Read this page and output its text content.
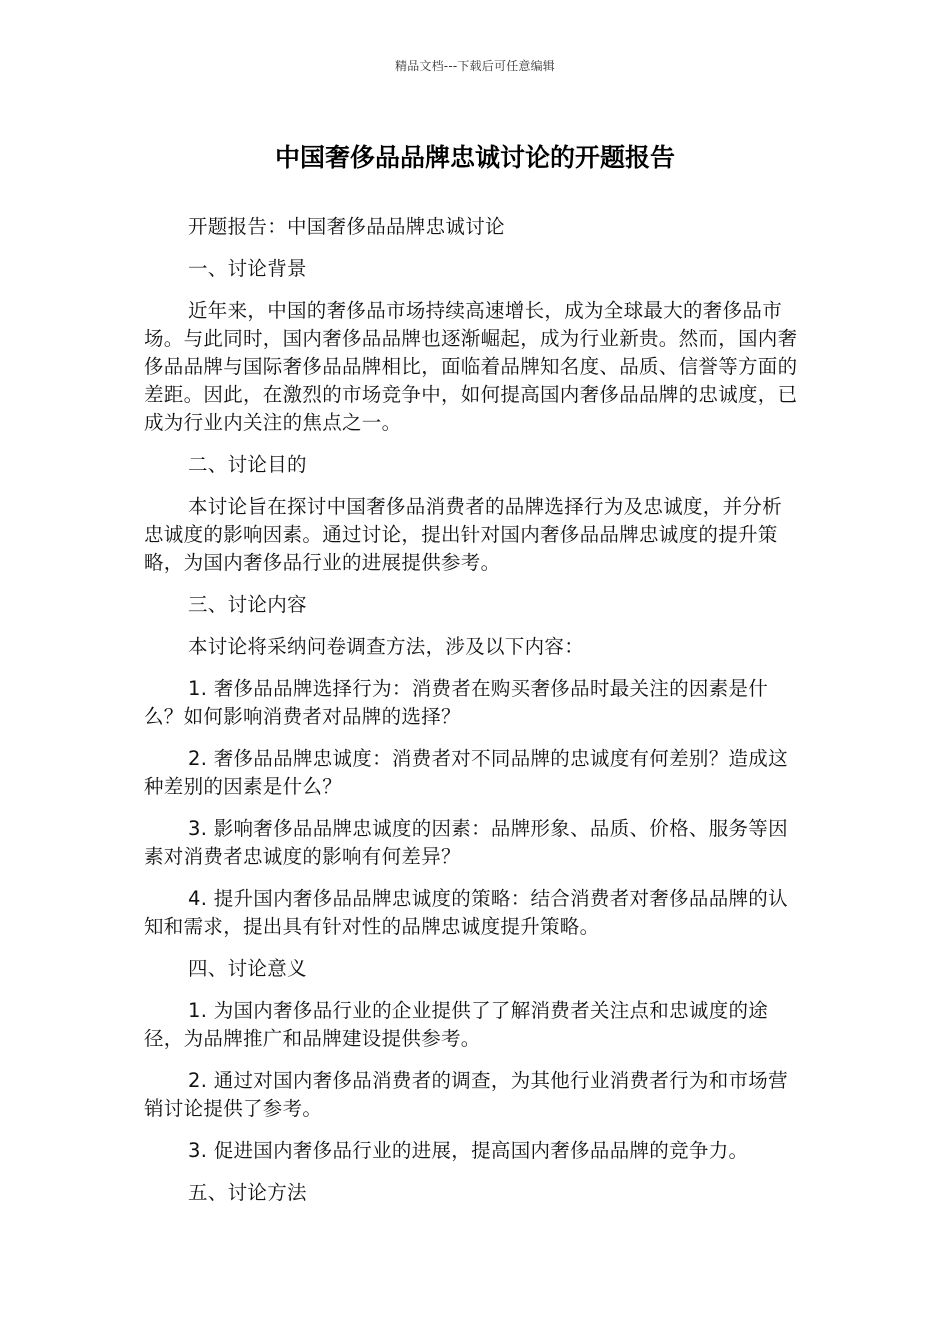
精品文档---下载后可任意编辑
中国奢侈品品牌忠诚讨论的开题报告

开题报告：中国奢侈品品牌忠诚讨论

一、讨论背景

近年来，中国的奢侈品市场持续高速增长，成为全球最大的奢侈品市场。与此同时，国内奢侈品品牌也逐渐崛起，成为行业新贵。然而，国内奢侈品品牌与国际奢侈品品牌相比，面临着品牌知名度、品质、信誉等方面的差距。因此，在激烈的市场竞争中，如何提高国内奢侈品品牌的忠诚度，已成为行业内关注的焦点之一。

二、讨论目的

本讨论旨在探讨中国奢侈品消费者的品牌选择行为及忠诚度，并分析忠诚度的影响因素。通过讨论，提出针对国内奢侈品品牌忠诚度的提升策略，为国内奢侈品行业的进展提供参考。

三、讨论内容

本讨论将采纳问卷调查方法，涉及以下内容：

1. 奢侈品品牌选择行为：消费者在购买奢侈品时最关注的因素是什么？如何影响消费者对品牌的选择？

2. 奢侈品品牌忠诚度：消费者对不同品牌的忠诚度有何差别？造成这种差别的因素是什么？

3. 影响奢侈品品牌忠诚度的因素：品牌形象、品质、价格、服务等因素对消费者忠诚度的影响有何差异？

4. 提升国内奢侈品品牌忠诚度的策略：结合消费者对奢侈品品牌的认知和需求，提出具有针对性的品牌忠诚度提升策略。

四、讨论意义

1. 为国内奢侈品行业的企业提供了了解消费者关注点和忠诚度的途径，为品牌推广和品牌建设提供参考。

2. 通过对国内奢侈品消费者的调查，为其他行业消费者行为和市场营销讨论提供了参考。

3. 促进国内奢侈品行业的进展，提高国内奢侈品品牌的竞争力。

五、讨论方法
